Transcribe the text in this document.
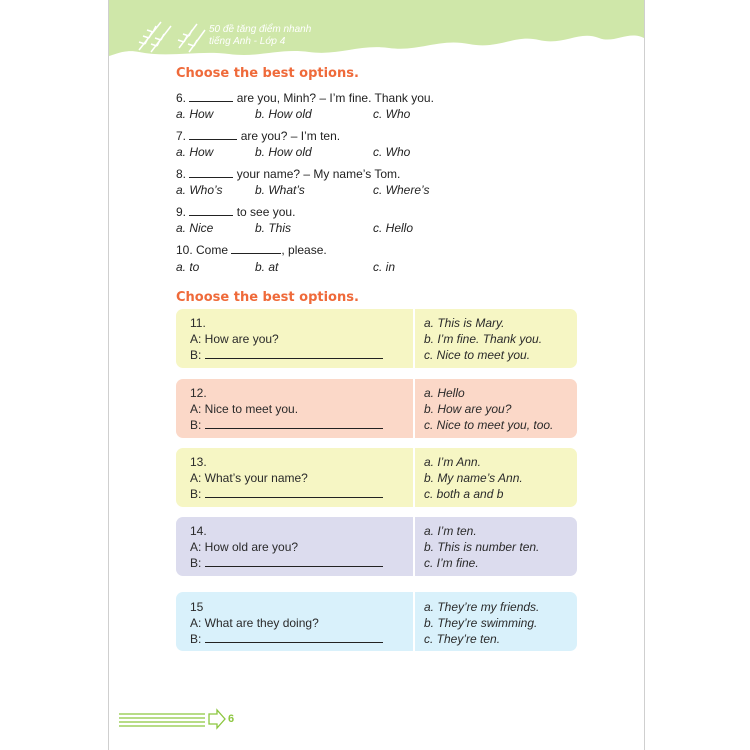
50 đề tăng điểm nhanh
tiếng Anh - Lớp 4
Choose the best options.
6.	are you, Minh? – I’m fine. Thank you.
a. How	b. How old	c. Who
7.	are you? – I’m ten.
a. How	b. How old	c. Who
8.	your name? – My name’s Tom.
a. Who’s	b. What’s	c. Where’s
9.	to see you.
a. Nice	b. This	c. Hello
10. Come	, please.
a. to	b. at	c. in
Choose the best options.
11.
A: How are you?
B:
a. This is Mary.
b. I’m fine. Thank you.
c. Nice to meet you.
12.
A: Nice to meet you.
B:
a. Hello
b. How are you?
c. Nice to meet you, too.
13.
A: What’s your name?
B:
a. I’m Ann.
b. My name’s Ann.
c. both a and b
14.
A: How old are you?
B:
a. I’m ten.
b. This is number ten.
c. I’m fine.
15
A: What are they doing?
B:
a. They’re my friends.
b. They’re swimming.
c. They’re ten.
6
